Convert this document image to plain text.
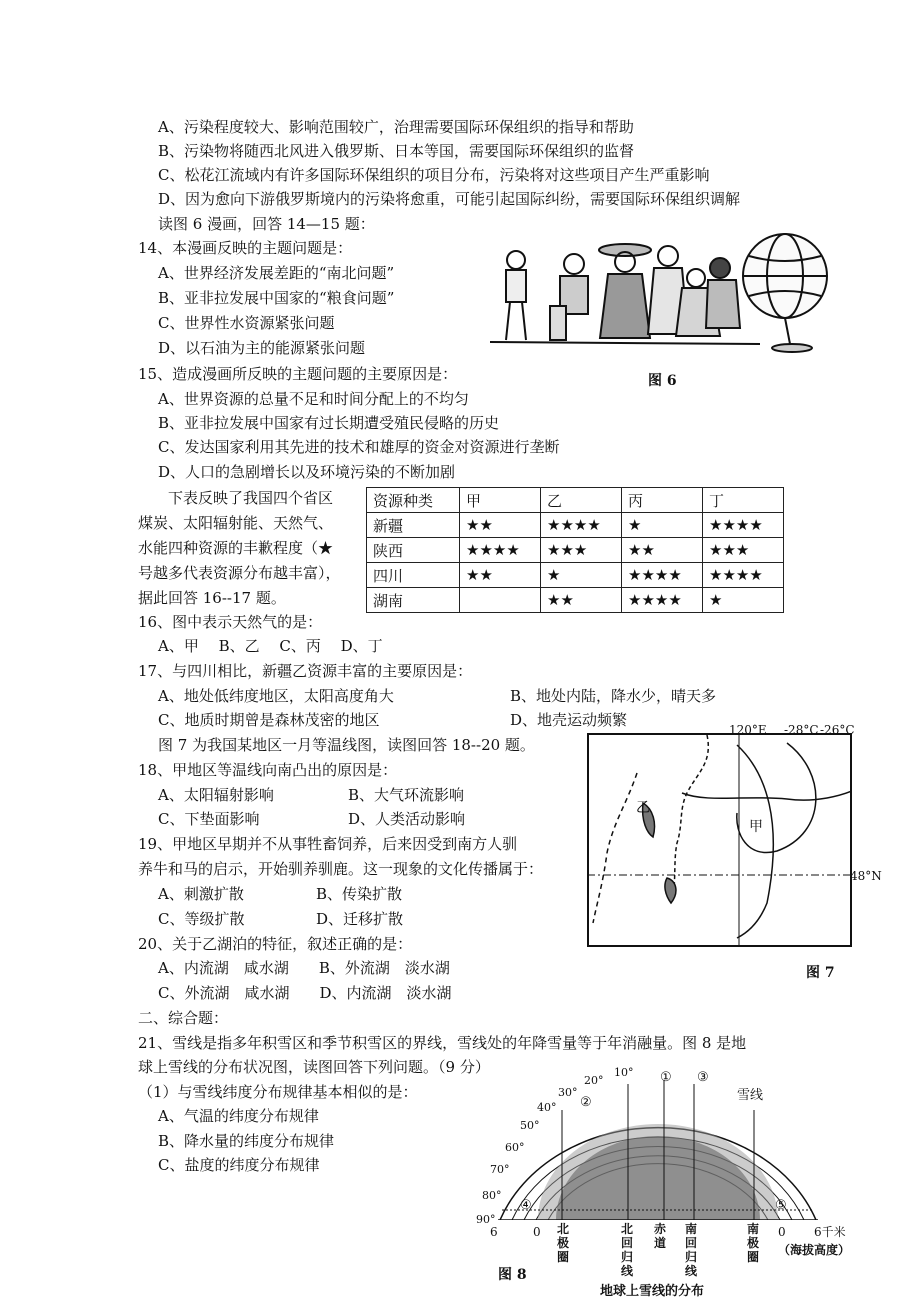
A、污染程度较大、影响范围较广，治理需要国际环保组织的指导和帮助
B、污染物将随西北风进入俄罗斯、日本等国，需要国际环保组织的监督
C、松花江流域内有许多国际环保组织的项目分布，污染将对这些项目产生严重影响
D、因为愈向下游俄罗斯境内的污染将愈重，可能引起国际纠纷，需要国际环保组织调解
读图 6 漫画，回答 14—15 题：
14、本漫画反映的主题问题是：
A、世界经济发展差距的“南北问题”
B、亚非拉发展中国家的“粮食问题”
C、世界性水资源紧张问题
D、以石油为主的能源紧张问题
15、造成漫画所反映的主题问题的主要原因是：
A、世界资源的总量不足和时间分配上的不均匀
B、亚非拉发展中国家有过长期遭受殖民侵略的历史
C、发达国家利用其先进的技术和雄厚的资金对资源进行垄断
D、人口的急剧增长以及环境污染的不断加剧
下表反映了我国四个省区
煤炭、太阳辐射能、天然气、
水能四种资源的丰歉程度（★
号越多代表资源分布越丰富），
据此回答 16--17 题。
16、图中表示天然气的是：
A、甲　 B、乙　 C、丙　 D、丁
17、与四川相比，新疆乙资源丰富的主要原因是：
A、地处低纬度地区，太阳高度角大	B、地处内陆，降水少，晴天多
C、地质时期曾是森林茂密的地区	D、地壳运动频繁
图 7 为我国某地区一月等温线图，读图回答 18--20 题。
18、甲地区等温线向南凸出的原因是：
A、太阳辐射影响	B、大气环流影响
C、下垫面影响	D、人类活动影响
19、甲地区早期并不从事牲畜饲养，后来因受到南方人驯
养牛和马的启示，开始驯养驯鹿。这一现象的文化传播属于：
A、刺激扩散	B、传染扩散
C、等级扩散	D、迁移扩散
20、关于乙湖泊的特征，叙述正确的是：
A、内流湖　咸水湖　　B、外流湖　淡水湖
C、外流湖　咸水湖　　D、内流湖　淡水湖
二、综合题：
21、雪线是指多年积雪区和季节积雪区的界线，雪线处的年降雪量等于年消融量。图 8 是地
球上雪线的分布状况图，读图回答下列问题。（9 分）
（1）与雪线纬度分布规律基本相似的是：
A、气温的纬度分布规律
B、降水量的纬度分布规律
C、盐度的纬度分布规律
资源种类	甲	乙	丙	丁
新疆	★★	★★★★	★	★★★★
陕西	★★★★	★★★	★★	★★★
四川	★★	★	★★★★	★★★★
湖南		★★	★★★★	★
图 6
120°E -28°C -26°C
48°N
乙
甲
图 7
雪线
10°
20°
30°
40°
50°
60°
70°
80°
90°
①
②
③
④	⑤
6	0	0 6千米
（海拔高度）
北极圈
北回归线
赤道
南回归线
南极圈
图 8
地球上雪线的分布
